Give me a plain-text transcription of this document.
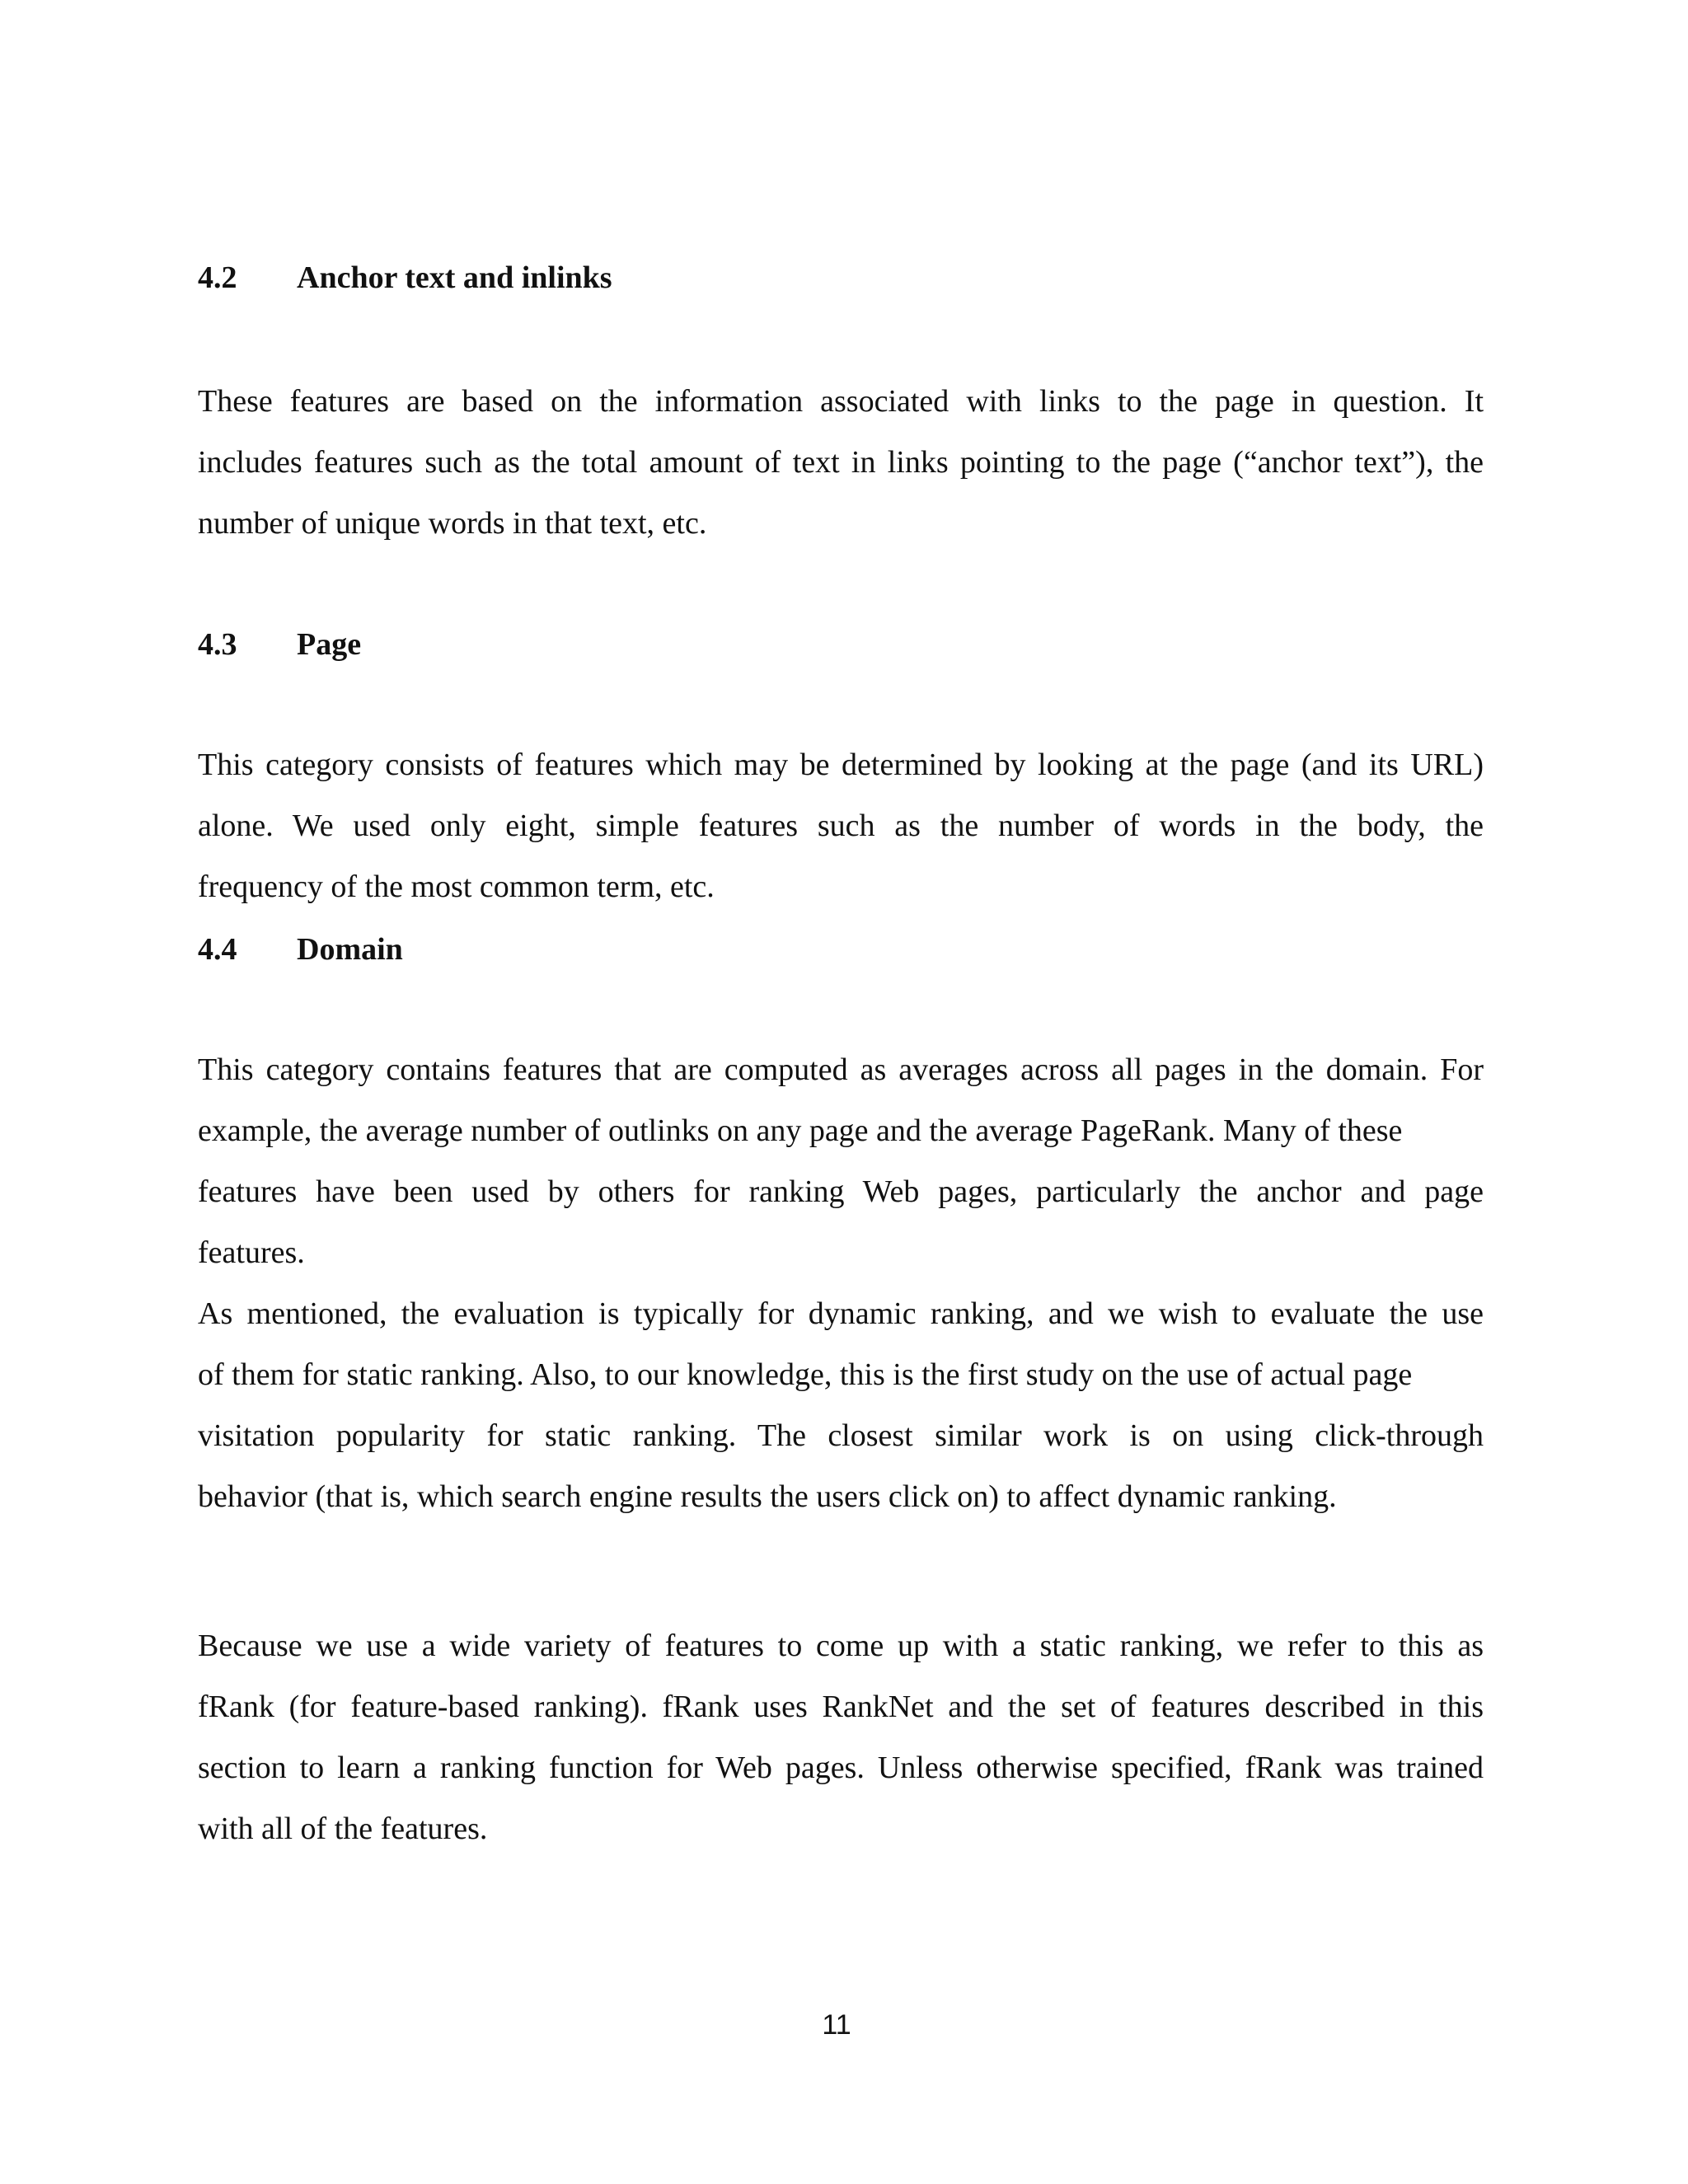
4.2 Anchor text and inlinks
These features are based on the information associated with links to the page in question. It
includes features such as the total amount of text in links pointing to the page (“anchor text”), the
number of unique words in that text, etc.
4.3 Page
This category consists of features which may be determined by looking at the page (and its URL)
alone. We used only eight, simple features such as the number of words in the body, the
frequency of the most common term, etc.
4.4 Domain
This category contains features that are computed as averages across all pages in the domain. For
example, the average number of outlinks on any page and the average PageRank. Many of these
features have been used by others for ranking Web pages, particularly the anchor and page
features.
As mentioned, the evaluation is typically for dynamic ranking, and we wish to evaluate the use
of them for static ranking. Also, to our knowledge, this is the first study on the use of actual page
visitation popularity for static ranking. The closest similar work is on using click-through
behavior (that is, which search engine results the users click on) to affect dynamic ranking.
Because we use a wide variety of features to come up with a static ranking, we refer to this as
fRank (for feature-based ranking). fRank uses RankNet and the set of features described in this
section to learn a ranking function for Web pages. Unless otherwise specified, fRank was trained
with all of the features.
11
